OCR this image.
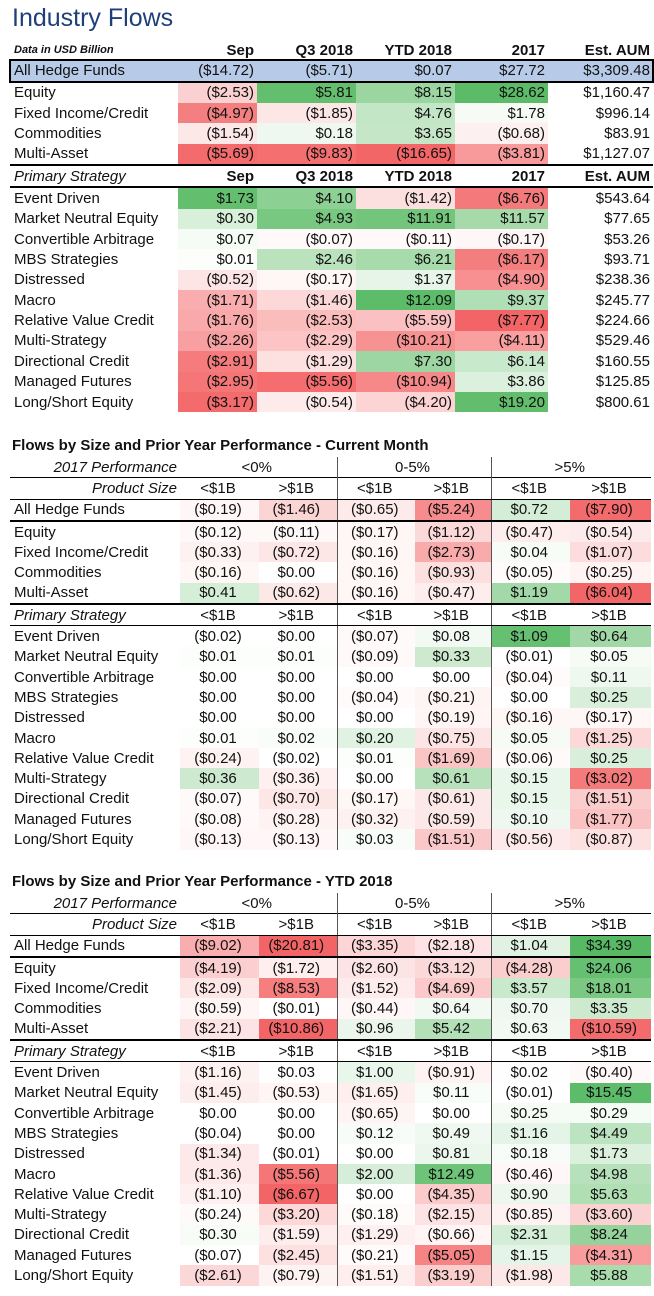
Industry Flows
Data in USD Billion	Sep	Q3 2018	YTD 2018	2017	Est. AUM
All Hedge Funds	($14.72)	($5.71)	$0.07	$27.72	$3,309.48
Equity	($2.53)	$5.81	$8.15	$28.62	$1,160.47
Fixed Income/Credit	($4.97)	($1.85)	$4.76	$1.78	$996.14
Commodities	($1.54)	$0.18	$3.65	($0.68)	$83.91
Multi-Asset	($5.69)	($9.83)	($16.65)	($3.81)	$1,127.07
Primary Strategy	Sep	Q3 2018	YTD 2018	2017	Est. AUM
Event Driven	$1.73	$4.10	($1.42)	($6.76)	$543.64
Market Neutral Equity	$0.30	$4.93	$11.91	$11.57	$77.65
Convertible Arbitrage	$0.07	($0.07)	($0.11)	($0.17)	$53.26
MBS Strategies	$0.01	$2.46	$6.21	($6.17)	$93.71
Distressed	($0.52)	($0.17)	$1.37	($4.90)	$238.36
Macro	($1.71)	($1.46)	$12.09	$9.37	$245.77
Relative Value Credit	($1.76)	($2.53)	($5.59)	($7.77)	$224.66
Multi-Strategy	($2.26)	($2.29)	($10.21)	($4.11)	$529.46
Directional Credit	($2.91)	($1.29)	$7.30	$6.14	$160.55
Managed Futures	($2.95)	($5.56)	($10.94)	$3.86	$125.85
Long/Short Equity	($3.17)	($0.54)	($4.20)	$19.20	$800.61
Flows by Size and Prior Year Performance - Current Month
2017 Performance	<0%		0-5%		>5%	
Product Size	<$1B	>$1B	<$1B	>$1B	<$1B	>$1B
All Hedge Funds	($0.19)	($1.46)	($0.65)	($5.24)	$0.72	($7.90)
Equity	($0.12)	($0.11)	($0.17)	($1.12)	($0.47)	($0.54)
Fixed Income/Credit	($0.33)	($0.72)	($0.16)	($2.73)	$0.04	($1.07)
Commodities	($0.16)	$0.00	($0.16)	($0.93)	($0.05)	($0.25)
Multi-Asset	$0.41	($0.62)	($0.16)	($0.47)	$1.19	($6.04)
Primary Strategy	<$1B	>$1B	<$1B	>$1B	<$1B	>$1B
Event Driven	($0.02)	$0.00	($0.07)	$0.08	$1.09	$0.64
Market Neutral Equity	$0.01	$0.01	($0.09)	$0.33	($0.01)	$0.05
Convertible Arbitrage	$0.00	$0.00	$0.00	$0.00	($0.04)	$0.11
MBS Strategies	$0.00	$0.00	($0.04)	($0.21)	$0.00	$0.25
Distressed	$0.00	$0.00	$0.00	($0.19)	($0.16)	($0.17)
Macro	$0.01	$0.02	$0.20	($0.75)	$0.05	($1.25)
Relative Value Credit	($0.24)	($0.02)	$0.01	($1.69)	($0.06)	$0.25
Multi-Strategy	$0.36	($0.36)	$0.00	$0.61	$0.15	($3.02)
Directional Credit	($0.07)	($0.70)	($0.17)	($0.61)	$0.15	($1.51)
Managed Futures	($0.08)	($0.28)	($0.32)	($0.59)	$0.10	($1.77)
Long/Short Equity	($0.13)	($0.13)	$0.03	($1.51)	($0.56)	($0.87)
Flows by Size and Prior Year Performance - YTD 2018
2017 Performance	<0%		0-5%		>5%	
Product Size	<$1B	>$1B	<$1B	>$1B	<$1B	>$1B
All Hedge Funds	($9.02)	($20.81)	($3.35)	($2.18)	$1.04	$34.39
Equity	($4.19)	($1.72)	($2.60)	($3.12)	($4.28)	$24.06
Fixed Income/Credit	($2.09)	($8.53)	($1.52)	($4.69)	$3.57	$18.01
Commodities	($0.59)	($0.01)	($0.44)	$0.64	$0.70	$3.35
Multi-Asset	($2.21)	($10.86)	$0.96	$5.42	$0.63	($10.59)
Primary Strategy	<$1B	>$1B	<$1B	>$1B	<$1B	>$1B
Event Driven	($1.16)	$0.03	$1.00	($0.91)	$0.02	($0.40)
Market Neutral Equity	($1.45)	($0.53)	($1.65)	$0.11	($0.01)	$15.45
Convertible Arbitrage	$0.00	$0.00	($0.65)	$0.00	$0.25	$0.29
MBS Strategies	($0.04)	$0.00	$0.12	$0.49	$1.16	$4.49
Distressed	($1.34)	($0.01)	$0.00	$0.81	$0.18	$1.73
Macro	($1.36)	($5.56)	$2.00	$12.49	($0.46)	$4.98
Relative Value Credit	($1.10)	($6.67)	$0.00	($4.35)	$0.90	$5.63
Multi-Strategy	($0.24)	($3.20)	($0.18)	($2.15)	($0.85)	($3.60)
Directional Credit	$0.30	($1.59)	($1.29)	($0.66)	$2.31	$8.24
Managed Futures	($0.07)	($2.45)	($0.21)	($5.05)	$1.15	($4.31)
Long/Short Equity	($2.61)	($0.79)	($1.51)	($3.19)	($1.98)	$5.88
